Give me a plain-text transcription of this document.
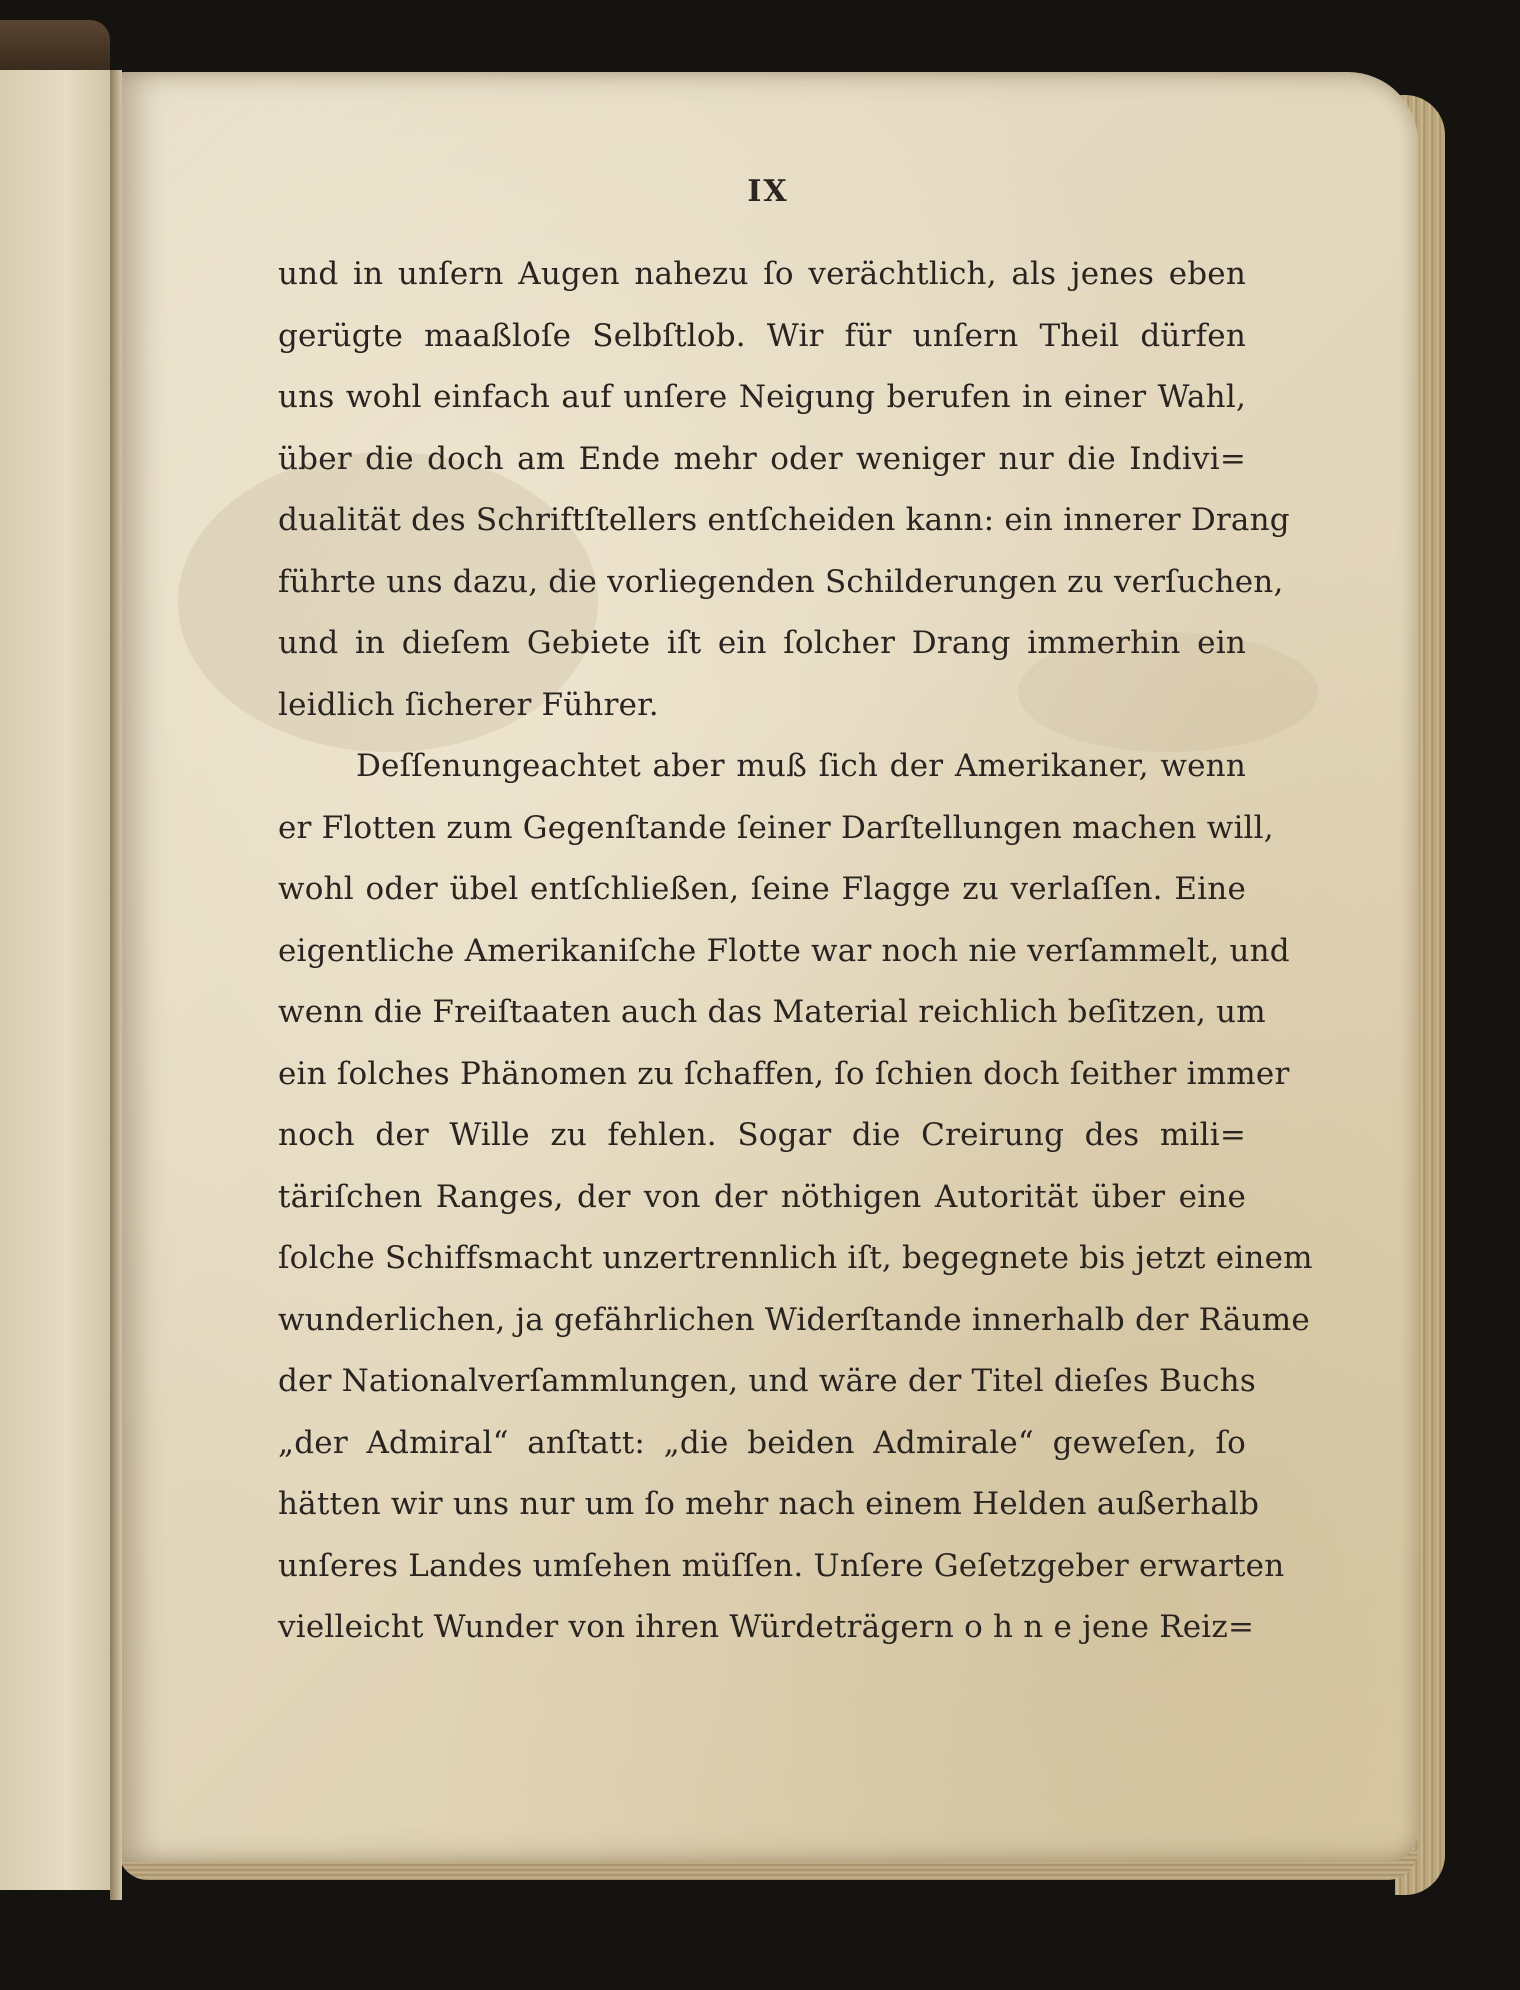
IX
und in unſern Augen nahezu ſo verächtlich, als jenes eben
gerügte maaßloſe Selbſtlob. Wir für unſern Theil dürfen
uns wohl einfach auf unſere Neigung berufen in einer Wahl,
über die doch am Ende mehr oder weniger nur die Indivi=
dualität des Schriftſtellers entſcheiden kann: ein innerer Drang
führte uns dazu, die vorliegenden Schilderungen zu verſuchen,
und in dieſem Gebiete iſt ein ſolcher Drang immerhin ein
leidlich ſicherer Führer.
Deſſenungeachtet aber muß ſich der Amerikaner, wenn
er Flotten zum Gegenſtande ſeiner Darſtellungen machen will,
wohl oder übel entſchließen, ſeine Flagge zu verlaſſen. Eine
eigentliche Amerikaniſche Flotte war noch nie verſammelt, und
wenn die Freiſtaaten auch das Material reichlich beſitzen, um
ein ſolches Phänomen zu ſchaffen, ſo ſchien doch ſeither immer
noch der Wille zu fehlen. Sogar die Creirung des mili=
täriſchen Ranges, der von der nöthigen Autorität über eine
ſolche Schiffsmacht unzertrennlich iſt, begegnete bis jetzt einem
wunderlichen, ja gefährlichen Widerſtande innerhalb der Räume
der Nationalverſammlungen, und wäre der Titel dieſes Buchs
„der Admiral“ anſtatt: „die beiden Admirale“ geweſen, ſo
hätten wir uns nur um ſo mehr nach einem Helden außerhalb
unſeres Landes umſehen müſſen. Unſere Geſetzgeber erwarten
vielleicht Wunder von ihren Würdeträgern o h n e jene Reiz=
